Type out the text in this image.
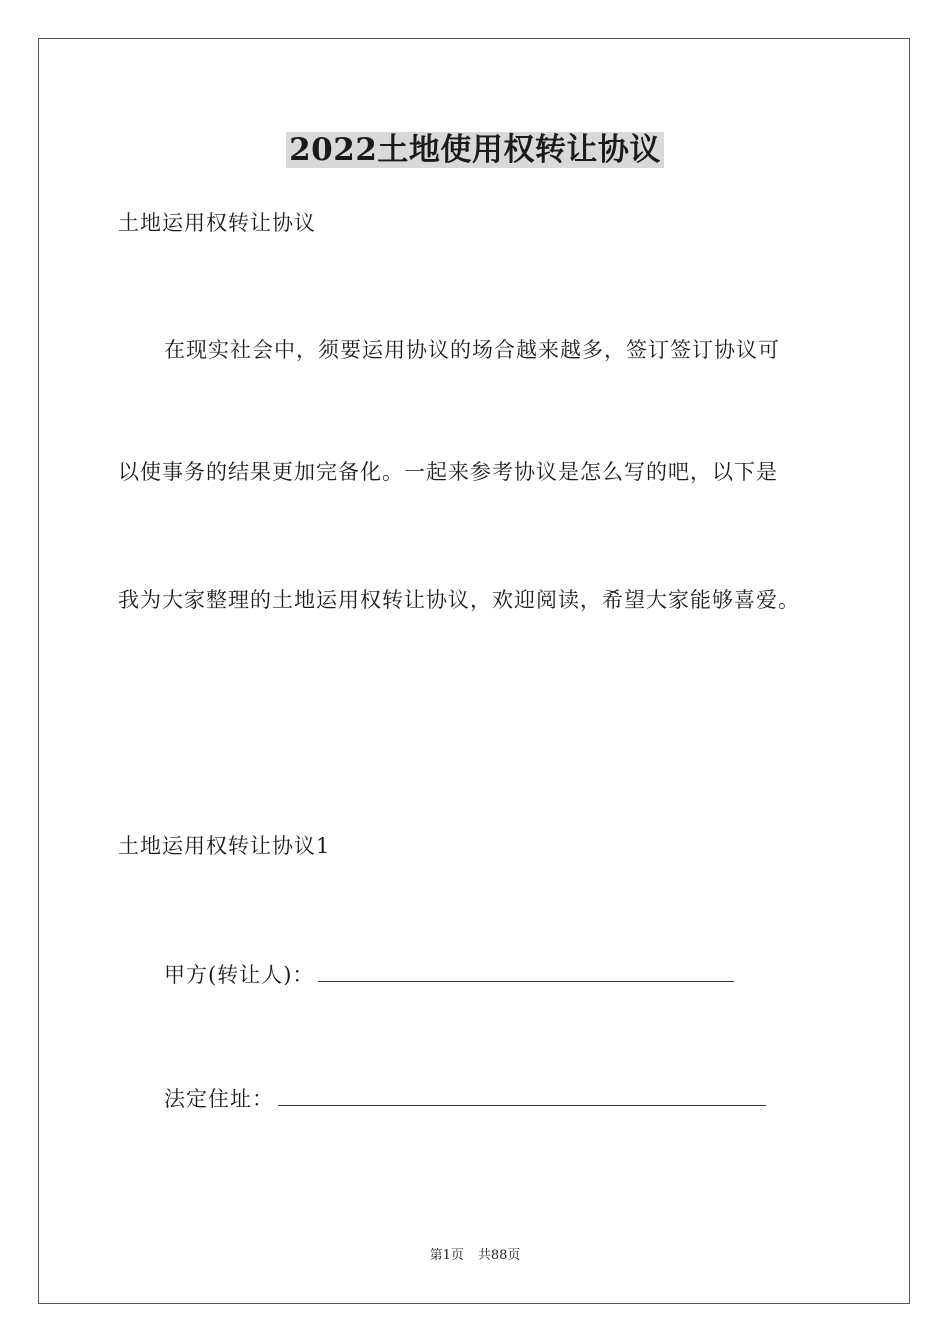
2022土地使用权转让协议
土地运用权转让协议
在现实社会中，须要运用协议的场合越来越多，签订签订协议可
以使事务的结果更加完备化。一起来参考协议是怎么写的吧，以下是
我为大家整理的土地运用权转让协议，欢迎阅读，希望大家能够喜爱。
土地运用权转让协议1
甲方(转让人)：
法定住址：
第1页 共88页
